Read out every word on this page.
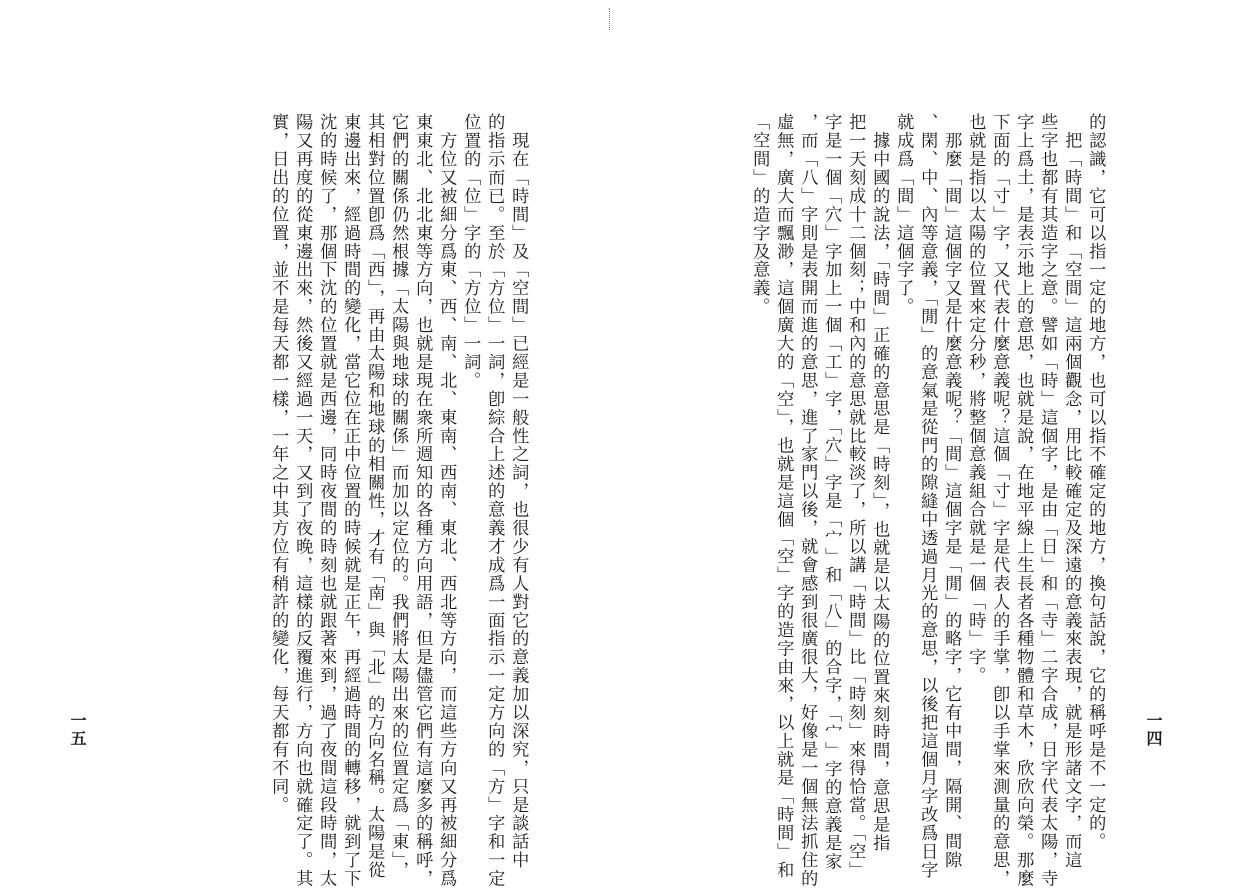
一四
的認識，它可以指一定的地方，也可以指不確定的地方，換句話說，它的稱呼是不一定的。
　把「時間」和「空間」這兩個觀念，用比較確定及深遠的意義來表現，就是形諸文字，而這
些字也都有其造字之意。譬如「時」這個字，是由「日」和「寺」二字合成，日字代表太陽，寺
字上爲土，是表示地上的意思，也就是說，在地平線上生長者各種物體和草木，欣欣向榮。那麼
下面的「寸」字，又代表什麼意義呢？這個「寸」字是代表人的手掌，卽以手掌來測量的意思，
也就是指以太陽的位置來定分秒，將整個意義組合就是一個「時」字。
　那麼「間」這個字又是什麼意義呢？「間」這個字是「閒」的略字，它有中間，隔開、間隙
、閑、中、內等意義，「閒」的意氣是從門的隙縫中透過月光的意思，以後把這個月字改爲日字
就成爲「間」這個字了。
　據中國的說法，「時間」正確的意思是「時刻」，也就是以太陽的位置來刻時間，意思是指
把一天刻成十二個刻；中和內的意思就比較淡了，所以講「時間」比「時刻」來得恰當。「空」
字是一個「穴」字加上一個「工」字，「穴」字是「宀」和「八」的合字，「宀」字的意義是家
，而「八」字則是表開而進的意思，進了家門以後，就會感到很廣很大，好像是一個無法抓住的
虛無，廣大而飄渺，這個廣大的「空」，也就是這個「空」字的造字由來，以上就是「時間」和
「空間」的造字及意義。
一五	　現在「時間」及「空間」已經是一般性之詞，也很少有人對它的意義加以深究，只是談話中
的指示而已。至於「方位」一詞，卽綜合上述的意義才成爲一面指示一定方向的「方」字和一定
位置的「位」字的「方位」一詞。
　方位又被細分爲東、西、南、北、東南、西南、東北、西北等方向，而這些方向又再被細分爲
東東北、北北東等方向，也就是現在衆所週知的各種方向用語，但是儘管它們有這麼多的稱呼，
它們的關係仍然根據「太陽與地球的關係」而加以定位的。我們將太陽出來的位置定爲「東」，
其相對位置卽爲「西」，再由太陽和地球的相關性，才有「南」與「北」的方向名稱。太陽是從
東邊出來，經過時間的變化，當它位在正中位置的時候就是正午，再經過時間的轉移，就到了下
沈的時候了，那個下沈的位置就是西邊，同時夜間的時刻也就跟著來到，過了夜間這段時間，太
陽又再度的從東邊出來，然後又經過一天，又到了夜晚，這樣的反覆進行，方向也就確定了。其
實，日出的位置，並不是每天都一樣，一年之中其方位有稍許的變化，每天都有不同。
